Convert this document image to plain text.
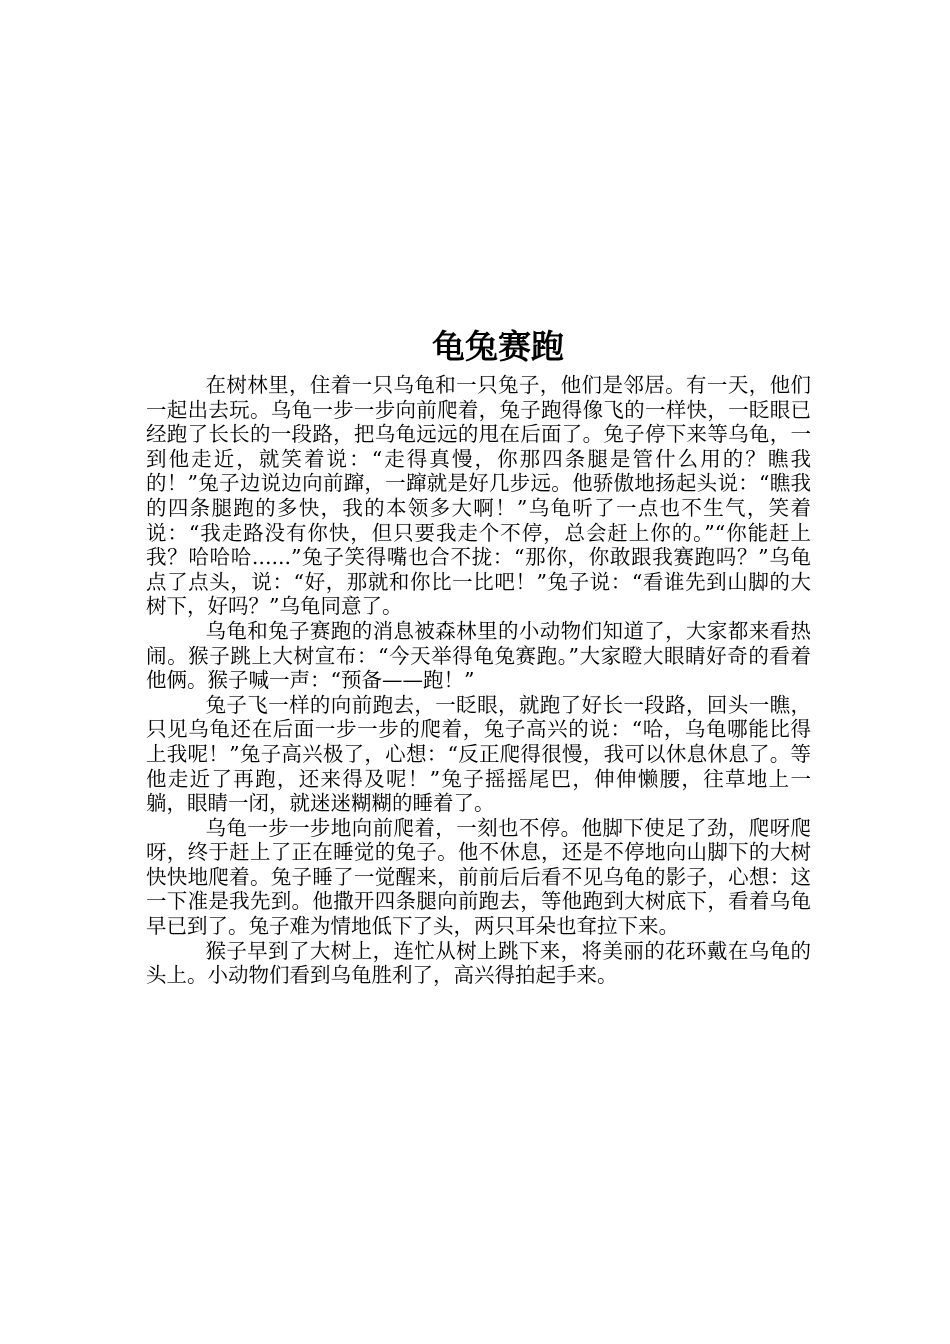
龟兔赛跑

在树林里，住着一只乌龟和一只兔子，他们是邻居。有一天，他们一起出去玩。乌龟一步一步向前爬着，兔子跑得像飞的一样快，一眨眼已经跑了长长的一段路，把乌龟远远的甩在后面了。兔子停下来等乌龟，一到他走近，就笑着说：“走得真慢，你那四条腿是管什么用的？瞧我的！”兔子边说边向前蹿，一蹿就是好几步远。他骄傲地扬起头说：“瞧我的四条腿跑的多快，我的本领多大啊！”乌龟听了一点也不生气，笑着说：“我走路没有你快，但只要我走个不停，总会赶上你的。”“你能赶上我？哈哈哈......”兔子笑得嘴也合不拢：“那你，你敢跟我赛跑吗？”乌龟点了点头，说：“好，那就和你比一比吧！”兔子说：“看谁先到山脚的大树下，好吗？”乌龟同意了。

乌龟和兔子赛跑的消息被森林里的小动物们知道了，大家都来看热闹。猴子跳上大树宣布：“今天举得龟兔赛跑。”大家瞪大眼睛好奇的看着他俩。猴子喊一声：“预备——跑！”

兔子飞一样的向前跑去，一眨眼，就跑了好长一段路，回头一瞧，只见乌龟还在后面一步一步的爬着，兔子高兴的说：“哈，乌龟哪能比得上我呢！”兔子高兴极了，心想：“反正爬得很慢，我可以休息休息了。等他走近了再跑，还来得及呢！”兔子摇摇尾巴，伸伸懒腰，往草地上一躺，眼睛一闭，就迷迷糊糊的睡着了。

乌龟一步一步地向前爬着，一刻也不停。他脚下使足了劲，爬呀爬呀，终于赶上了正在睡觉的兔子。他不休息，还是不停地向山脚下的大树快快地爬着。兔子睡了一觉醒来，前前后后看不见乌龟的影子，心想：这一下准是我先到。他撒开四条腿向前跑去，等他跑到大树底下，看着乌龟早已到了。兔子难为情地低下了头，两只耳朵也耷拉下来。

猴子早到了大树上，连忙从树上跳下来，将美丽的花环戴在乌龟的头上。小动物们看到乌龟胜利了，高兴得拍起手来。
